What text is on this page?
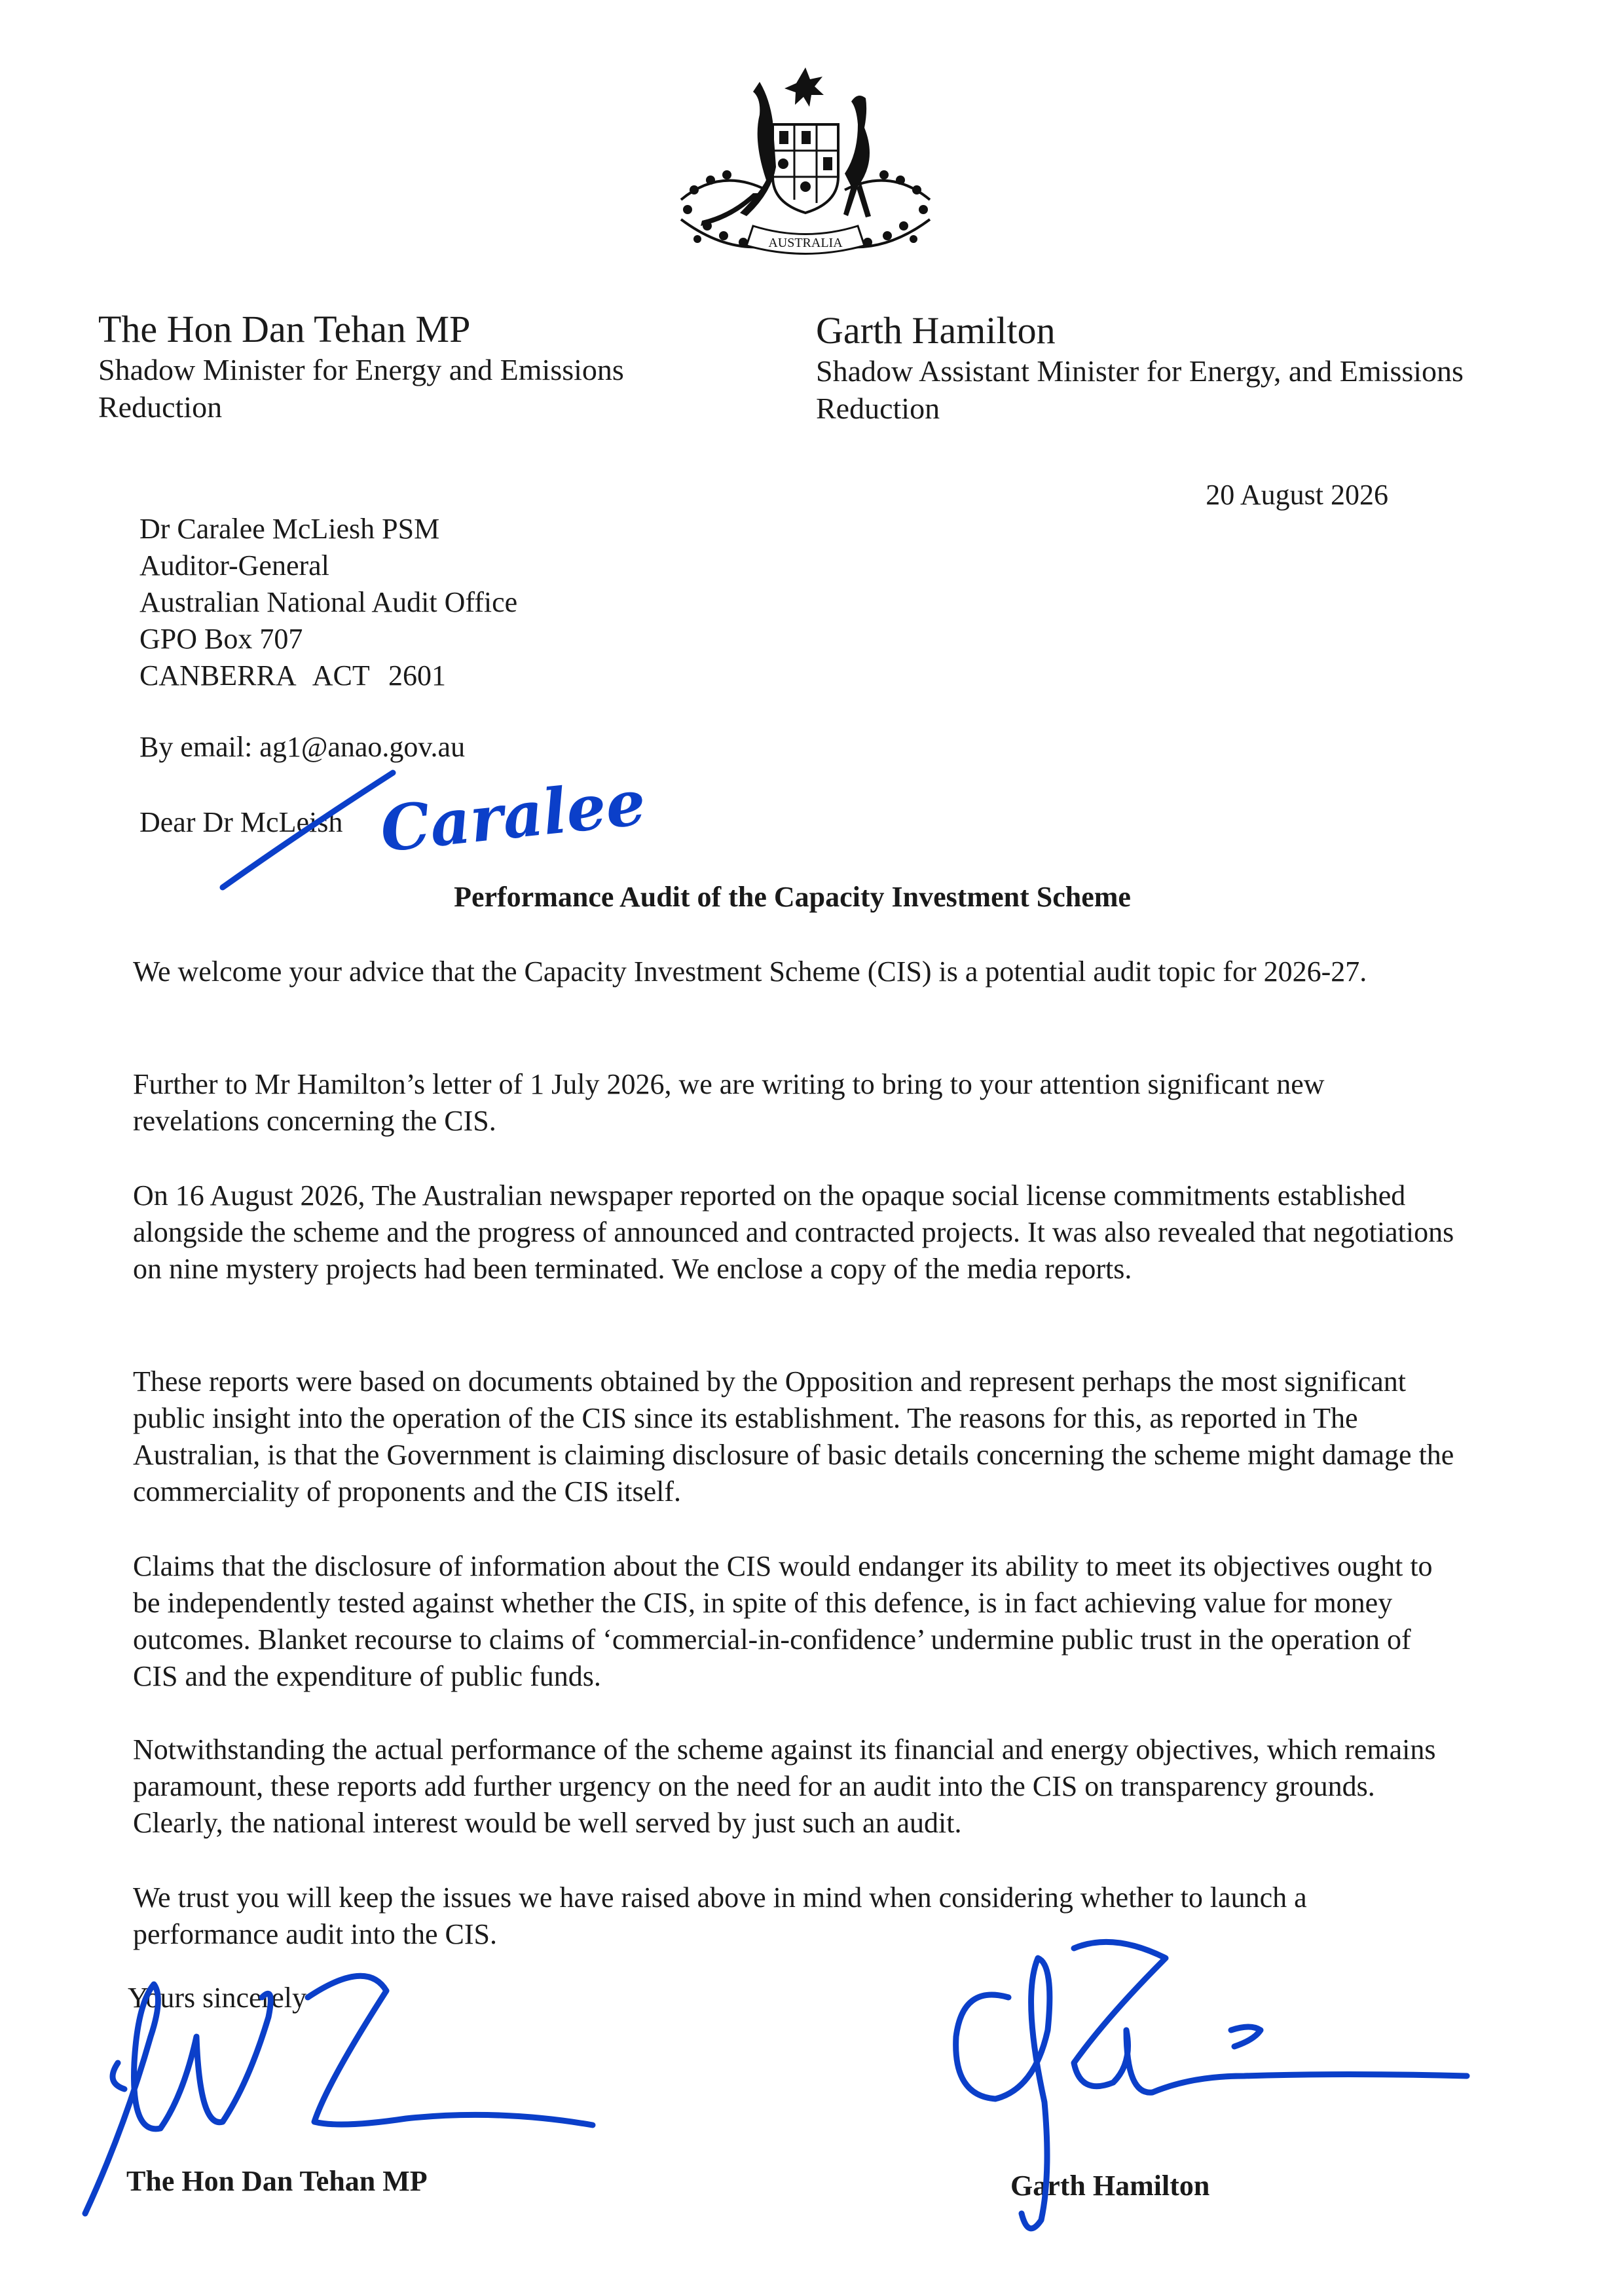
AUSTRALIA
The Hon Dan Tehan MP
Shadow Minister for Energy and Emissions Reduction
Garth Hamilton
Shadow Assistant Minister for Energy, and Emissions Reduction
20 August 2026
Dr Caralee McLiesh PSM
Auditor-General
Australian National Audit Office
GPO Box 707
CANBERRA ACT 2601
By email: ag1@anao.gov.au
Dear Dr McLeish
Performance Audit of the Capacity Investment Scheme
We welcome your advice that the Capacity Investment Scheme (CIS) is a potential audit topic for 2026-27.
Further to Mr Hamilton’s letter of 1 July 2026, we are writing to bring to your attention significant new revelations concerning the CIS.
On 16 August 2026, The Australian newspaper reported on the opaque social license commitments established alongside the scheme and the progress of announced and contracted projects. It was also revealed that negotiations on nine mystery projects had been terminated. We enclose a copy of the media reports.
These reports were based on documents obtained by the Opposition and represent perhaps the most significant public insight into the operation of the CIS since its establishment. The reasons for this, as reported in The Australian, is that the Government is claiming disclosure of basic details concerning the scheme might damage the commerciality of proponents and the CIS itself.
Claims that the disclosure of information about the CIS would endanger its ability to meet its objectives ought to be independently tested against whether the CIS, in spite of this defence, is in fact achieving value for money outcomes. Blanket recourse to claims of ‘commercial-in-confidence’ undermine public trust in the operation of CIS and the expenditure of public funds.
Notwithstanding the actual performance of the scheme against its financial and energy objectives, which remains paramount, these reports add further urgency on the need for an audit into the CIS on transparency grounds. Clearly, the national interest would be well served by just such an audit.
We trust you will keep the issues we have raised above in mind when considering whether to launch a performance audit into the CIS.
Yours sincerely
The Hon Dan Tehan MP	Garth Hamilton
Caralee
